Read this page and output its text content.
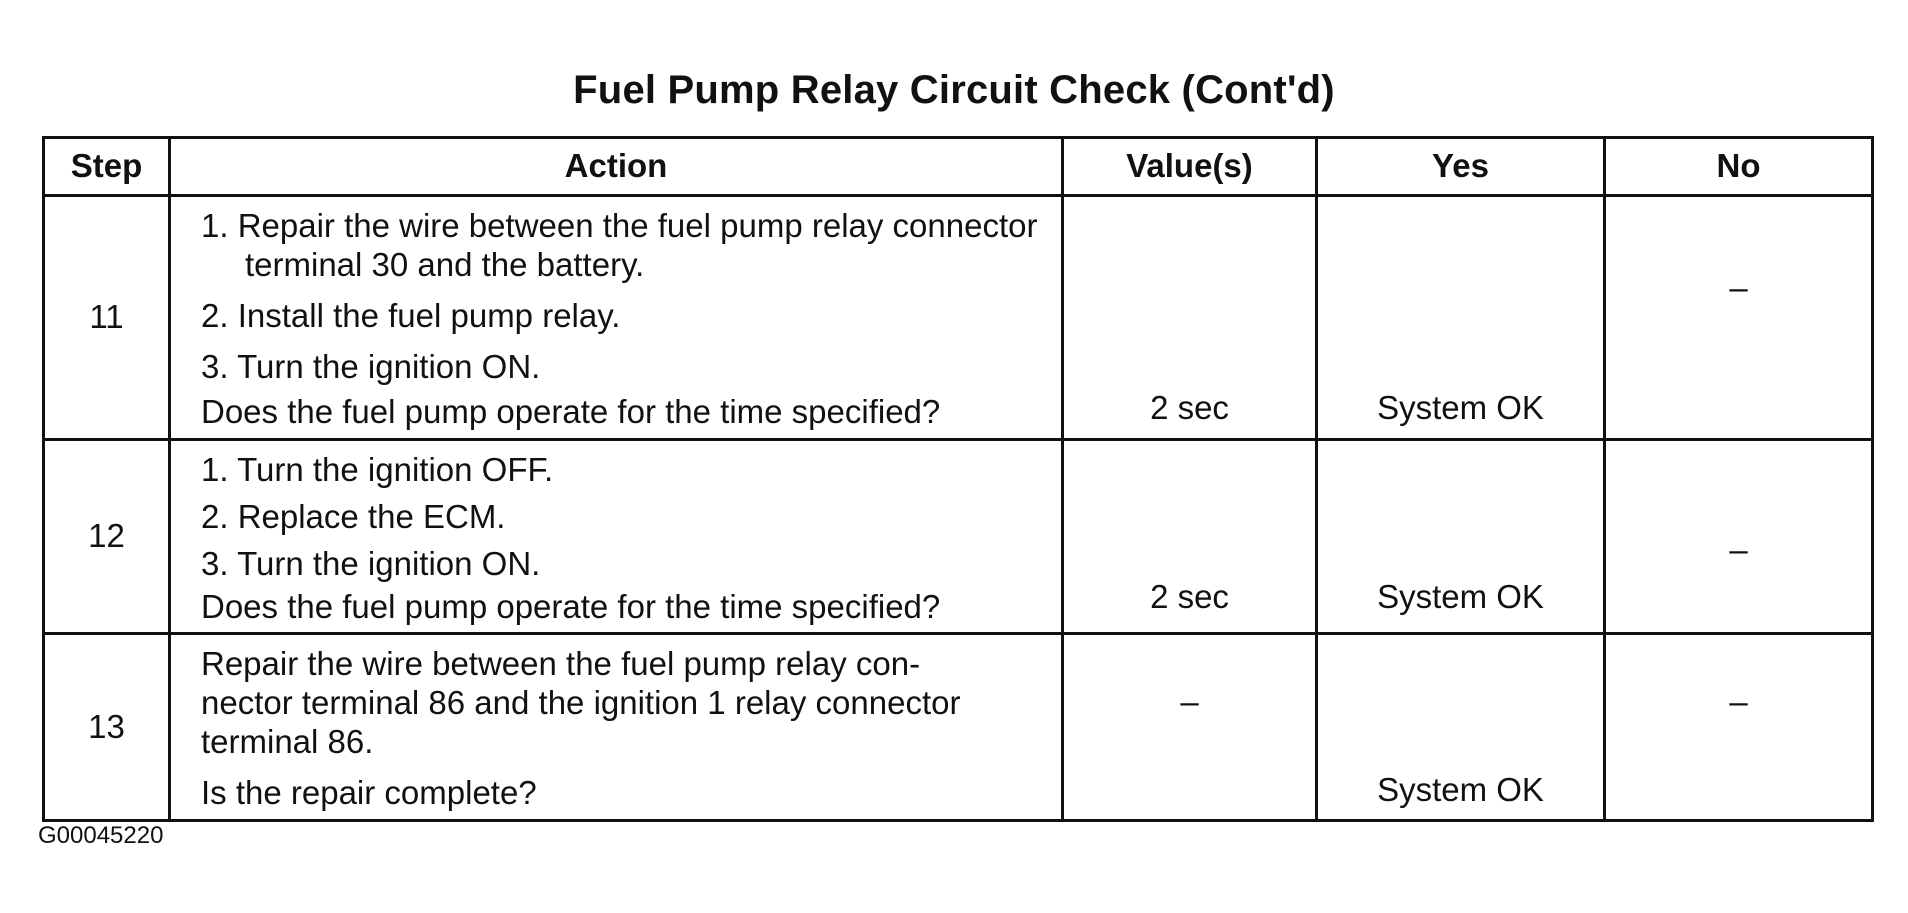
Fuel Pump Relay Circuit Check (Cont'd)
Step	Action	Value(s)	Yes	No
11	1. Repair the wire between the fuel pump relay connector terminal 30 and the battery.
2. Install the fuel pump relay.
3. Turn the ignition ON.
Does the fuel pump operate for the time specified?	2 sec	System OK	–

12	1. Turn the ignition OFF.
2. Replace the ECM.
3. Turn the ignition ON.
Does the fuel pump operate for the time specified?	2 sec	System OK	–

13	Repair the wire between the fuel pump relay con-
nector terminal 86 and the ignition 1 relay connector
terminal 86.
Is the repair complete?	–	System OK	–
G00045220
